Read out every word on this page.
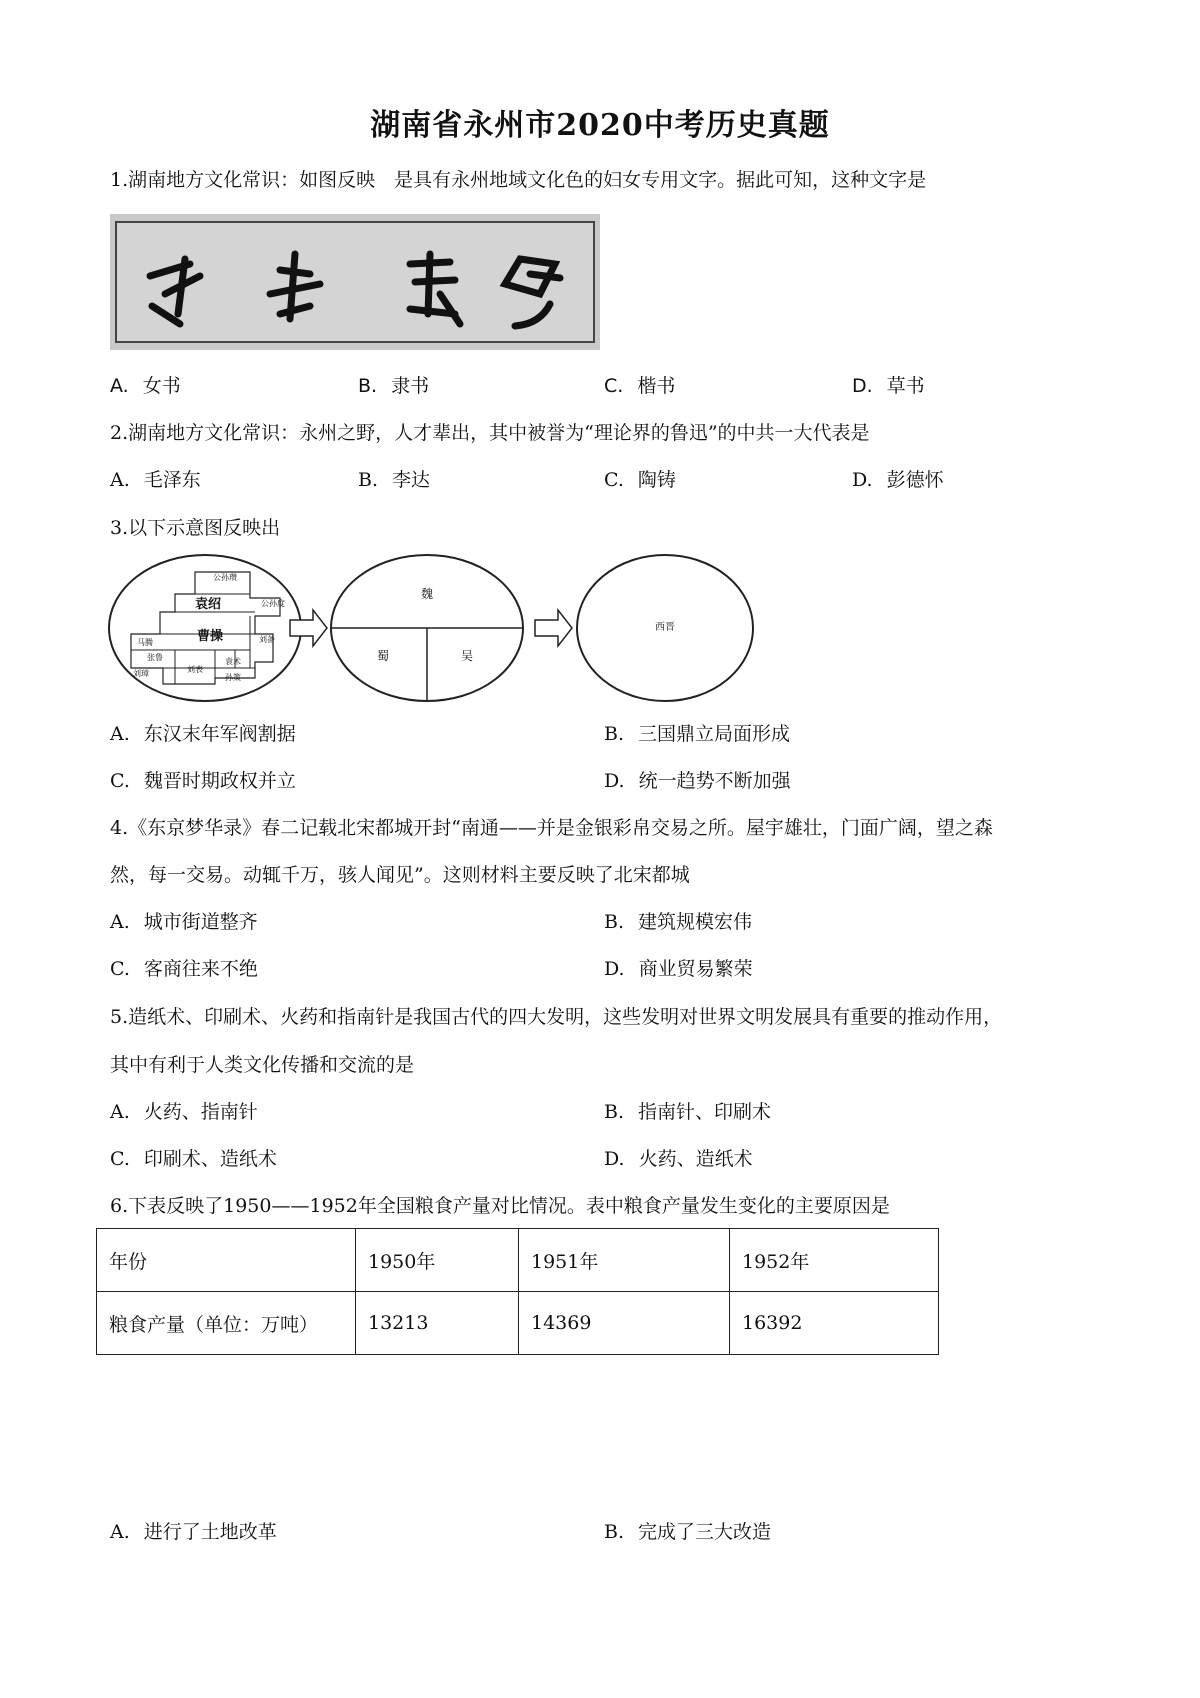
湖南省永州市2020中考历史真题
1.湖南地方文化常识：如图反映　是具有永州地域文化色的妇女专用文字。据此可知，这种文字是
A. 女书	B. 隶书	C. 楷书	D. 草书
2.湖南地方文化常识：永州之野，人才辈出，其中被誉为“理论界的鲁迅”的中共一大代表是
A. 毛泽东	B. 李达	C. 陶铸	D. 彭德怀
3.以下示意图反映出
公孙瓒
公孙度
袁绍
马腾
张鲁
曹操	刘备
刘璋	刘表
袁术
孙策
魏
蜀	吴
西晋
A. 东汉末年军阀割据	B. 三国鼎立局面形成
C. 魏晋时期政权并立	D. 统一趋势不断加强
4.《东京梦华录》春二记载北宋都城开封“南通——并是金银彩帛交易之所。屋宇雄壮，门面广阔，望之森
然，每一交易。动辄千万，骇人闻见”。这则材料主要反映了北宋都城
A. 城市街道整齐	B. 建筑规模宏伟
C. 客商往来不绝	D. 商业贸易繁荣
5.造纸术、印刷术、火药和指南针是我国古代的四大发明，这些发明对世界文明发展具有重要的推动作用，
其中有利于人类文化传播和交流的是
A. 火药、指南针	B. 指南针、印刷术
C. 印刷术、造纸术	D. 火药、造纸术
6.下表反映了1950——1952年全国粮食产量对比情况。表中粮食产量发生变化的主要原因是
年份	1950年	1951年	1952年
粮食产量（单位：万吨）	13213	14369	16392
A. 进行了土地改革	B. 完成了三大改造
